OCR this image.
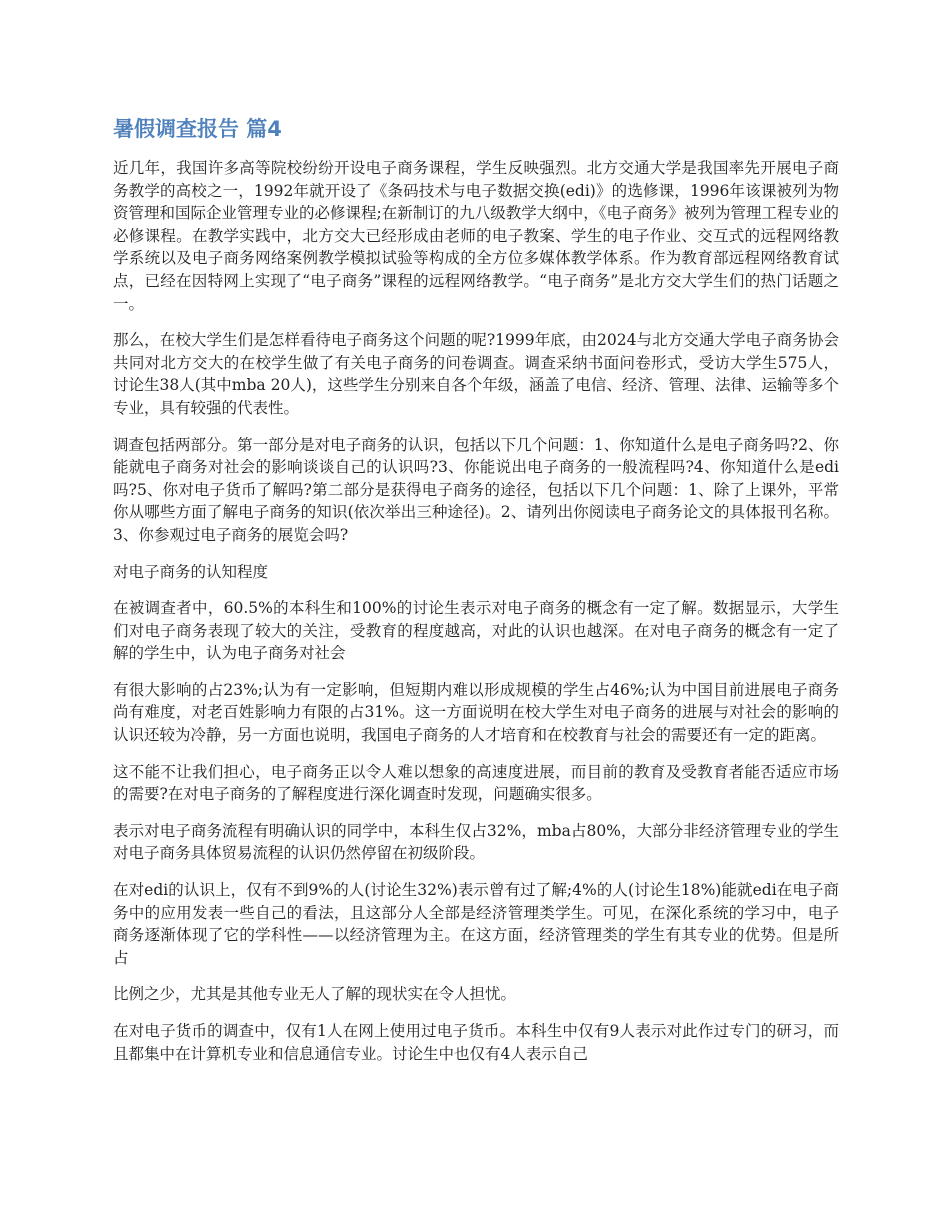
暑假调查报告 篇4

近几年，我国许多高等院校纷纷开设电子商务课程，学生反映强烈。北方交通大学是我国率先开展电子商务教学的高校之一，1992年就开设了《条码技术与电子数据交换(edi)》的选修课，1996年该课被列为物资管理和国际企业管理专业的必修课程;在新制订的九八级教学大纲中，《电子商务》被列为管理工程专业的必修课程。在教学实践中，北方交大已经形成由老师的电子教案、学生的电子作业、交互式的远程网络教学系统以及电子商务网络案例教学模拟试验等构成的全方位多媒体教学体系。作为教育部远程网络教育试点，已经在因特网上实现了“电子商务”课程的远程网络教学。“电子商务”是北方交大学生们的热门话题之一。

那么，在校大学生们是怎样看待电子商务这个问题的呢?1999年底，由2024与北方交通大学电子商务协会共同对北方交大的在校学生做了有关电子商务的问卷调查。调查采纳书面问卷形式，受访大学生575人，讨论生38人(其中mba 20人)，这些学生分别来自各个年级，涵盖了电信、经济、管理、法律、运输等多个专业，具有较强的代表性。

调查包括两部分。第一部分是对电子商务的认识，包括以下几个问题：1、你知道什么是电子商务吗?2、你能就电子商务对社会的影响谈谈自己的认识吗?3、你能说出电子商务的一般流程吗?4、你知道什么是edi吗?5、你对电子货币了解吗?第二部分是获得电子商务的途径，包括以下几个问题：1、除了上课外，平常你从哪些方面了解电子商务的知识(依次举出三种途径)。2、请列出你阅读电子商务论文的具体报刊名称。3、你参观过电子商务的展览会吗?

对电子商务的认知程度

在被调查者中，60.5%的本科生和100%的讨论生表示对电子商务的概念有一定了解。数据显示，大学生们对电子商务表现了较大的关注，受教育的程度越高，对此的认识也越深。在对电子商务的概念有一定了解的学生中，认为电子商务对社会

有很大影响的占23%;认为有一定影响，但短期内难以形成规模的学生占46%;认为中国目前进展电子商务尚有难度，对老百姓影响力有限的占31%。这一方面说明在校大学生对电子商务的进展与对社会的影响的认识还较为冷静，另一方面也说明，我国电子商务的人才培育和在校教育与社会的需要还有一定的距离。

这不能不让我们担心，电子商务正以令人难以想象的高速度进展，而目前的教育及受教育者能否适应市场的需要?在对电子商务的了解程度进行深化调查时发现，问题确实很多。

表示对电子商务流程有明确认识的同学中，本科生仅占32%，mba占80%，大部分非经济管理专业的学生对电子商务具体贸易流程的认识仍然停留在初级阶段。

在对edi的认识上，仅有不到9%的人(讨论生32%)表示曾有过了解;4%的人(讨论生18%)能就edi在电子商务中的应用发表一些自己的看法，且这部分人全部是经济管理类学生。可见，在深化系统的学习中，电子商务逐渐体现了它的学科性——以经济管理为主。在这方面，经济管理类的学生有其专业的优势。但是所占

比例之少，尤其是其他专业无人了解的现状实在令人担忧。

在对电子货币的调查中，仅有1人在网上使用过电子货币。本科生中仅有9人表示对此作过专门的研习，而且都集中在计算机专业和信息通信专业。讨论生中也仅有4人表示自己
